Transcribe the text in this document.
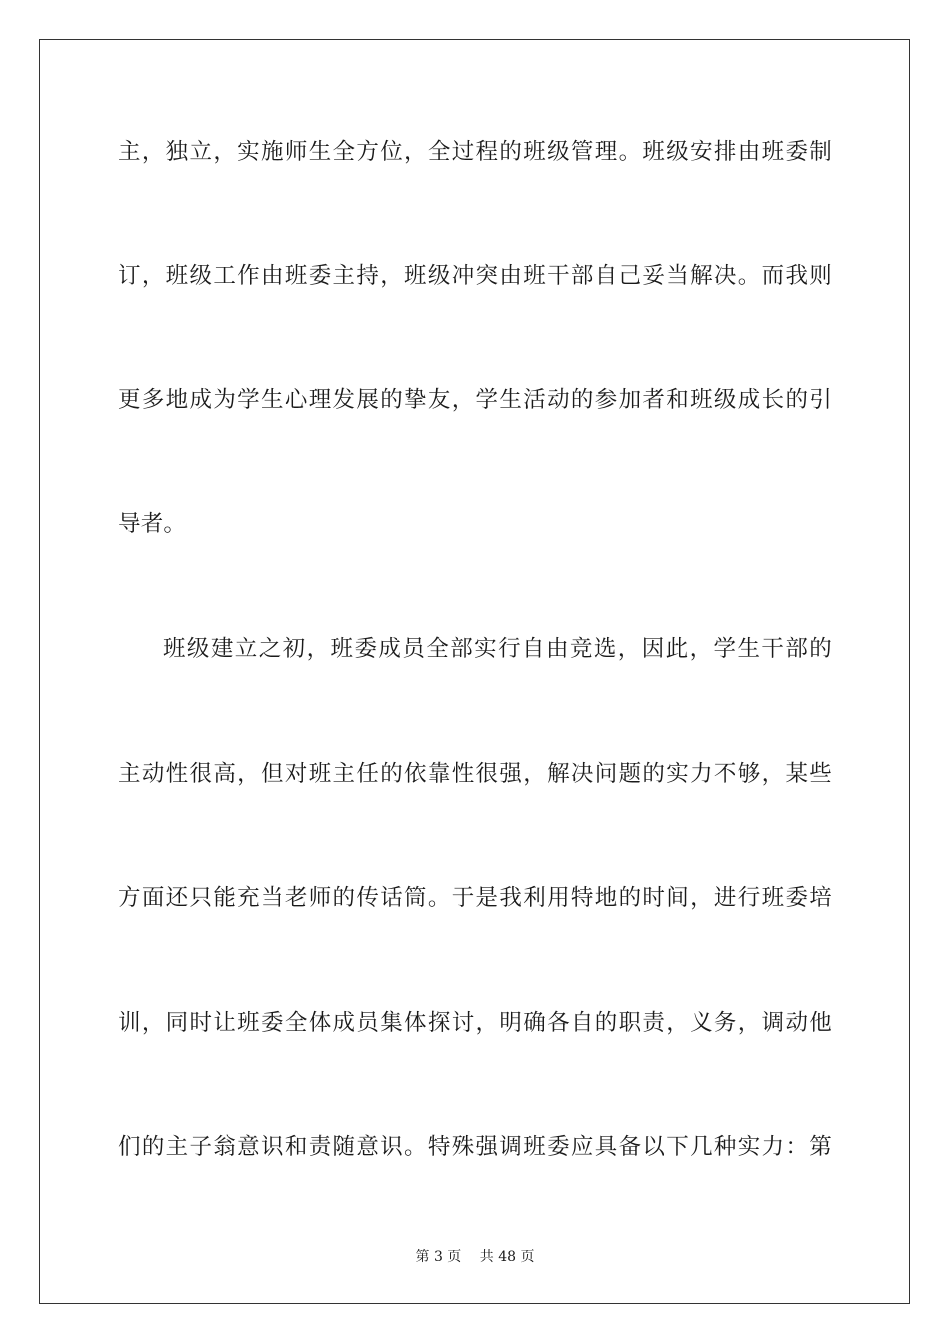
主，独立，实施师生全方位，全过程的班级管理。班级安排由班委制
订，班级工作由班委主持，班级冲突由班干部自己妥当解决。而我则
更多地成为学生心理发展的挚友，学生活动的参加者和班级成长的引
导者。
班级建立之初，班委成员全部实行自由竞选，因此，学生干部的
主动性很高，但对班主任的依靠性很强，解决问题的实力不够，某些
方面还只能充当老师的传话筒。于是我利用特地的时间，进行班委培
训，同时让班委全体成员集体探讨，明确各自的职责，义务，调动他
们的主子翁意识和责随意识。特殊强调班委应具备以下几种实力：第
第 3 页　 共 48 页
